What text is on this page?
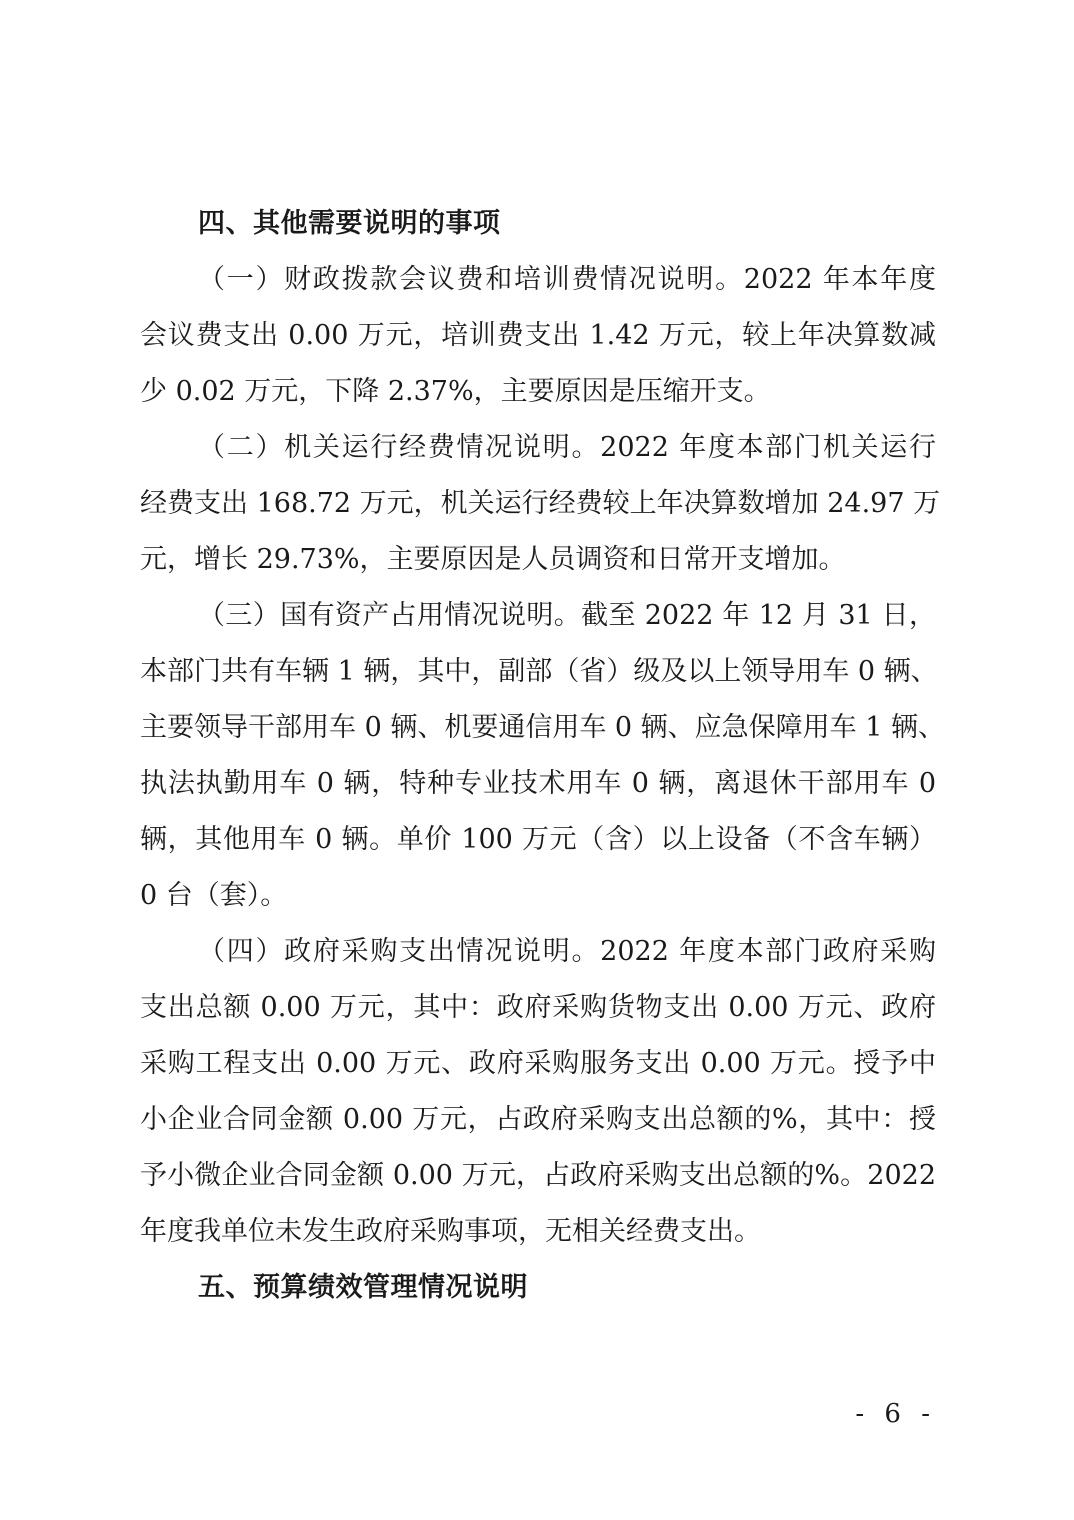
四、其他需要说明的事项
（一）财政拨款会议费和培训费情况说明。2022 年本年度
会议费支出 0.00 万元，培训费支出 1.42 万元，较上年决算数减
少 0.02 万元，下降 2.37%，主要原因是压缩开支。
（二）机关运行经费情况说明。2022 年度本部门机关运行
经费支出 168.72 万元，机关运行经费较上年决算数增加 24.97 万
元，增长 29.73%，主要原因是人员调资和日常开支增加。
（三）国有资产占用情况说明。截至 2022 年 12 月 31 日，
本部门共有车辆 1 辆，其中，副部（省）级及以上领导用车 0 辆、
主要领导干部用车 0 辆、机要通信用车 0 辆、应急保障用车 1 辆、
执法执勤用车 0 辆，特种专业技术用车 0 辆，离退休干部用车 0
辆，其他用车 0 辆。单价 100 万元（含）以上设备（不含车辆）
0 台（套）。
（四）政府采购支出情况说明。2022 年度本部门政府采购
支出总额 0.00 万元，其中：政府采购货物支出 0.00 万元、政府
采购工程支出 0.00 万元、政府采购服务支出 0.00 万元。授予中
小企业合同金额 0.00 万元，占政府采购支出总额的%，其中：授
予小微企业合同金额 0.00 万元，占政府采购支出总额的%。2022
年度我单位未发生政府采购事项，无相关经费支出。
五、预算绩效管理情况说明
- 6 -
